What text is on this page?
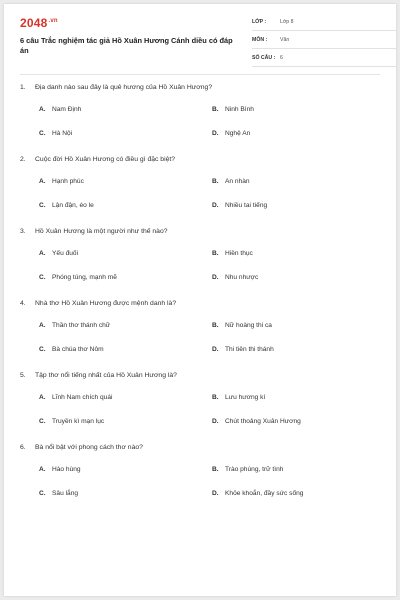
$2048^{.vn}$
6 câu Trắc nghiệm tác giả Hồ Xuân Hương Cánh diều có đáp án
LỚP :	Lớp 8
MÔN : Văn
SỐ CÂU : 6
1. Địa danh nào sau đây là quê hương của Hồ Xuân Hương?
A. Nam Định	B. Ninh Bình
C. Hà Nội	D. Nghệ An
2. Cuộc đời Hồ Xuân Hương có điều gì đặc biệt?
A. Hạnh phúc	B. An nhàn
C. Lận đận, éo le	D. Nhiều tai tiếng
3. Hồ Xuân Hương là một người như thế nào?
A. Yếu đuối	B. Hiền thục
C. Phóng túng, mạnh mẽ	D. Nhu nhược
4. Nhà thơ Hồ Xuân Hương được mệnh danh là?
A. Thần thơ thánh chữ	B. Nữ hoàng thi ca
C. Bà chúa thơ Nôm	D. Thi tiên thi thánh
5. Tập thơ nổi tiếng nhất của Hồ Xuân Hương là?
A. Lĩnh Nam chích quái	B. Lưu hương kí
C. Truyền kì mạn lục	D. Chút thoảng Xuân Hương
6. Bà nổi bật với phong cách thơ nào?
A. Hào hùng	B. Trào phúng, trữ tình
C. Sâu lắng	D. Khỏe khoắn, đầy sức sống
